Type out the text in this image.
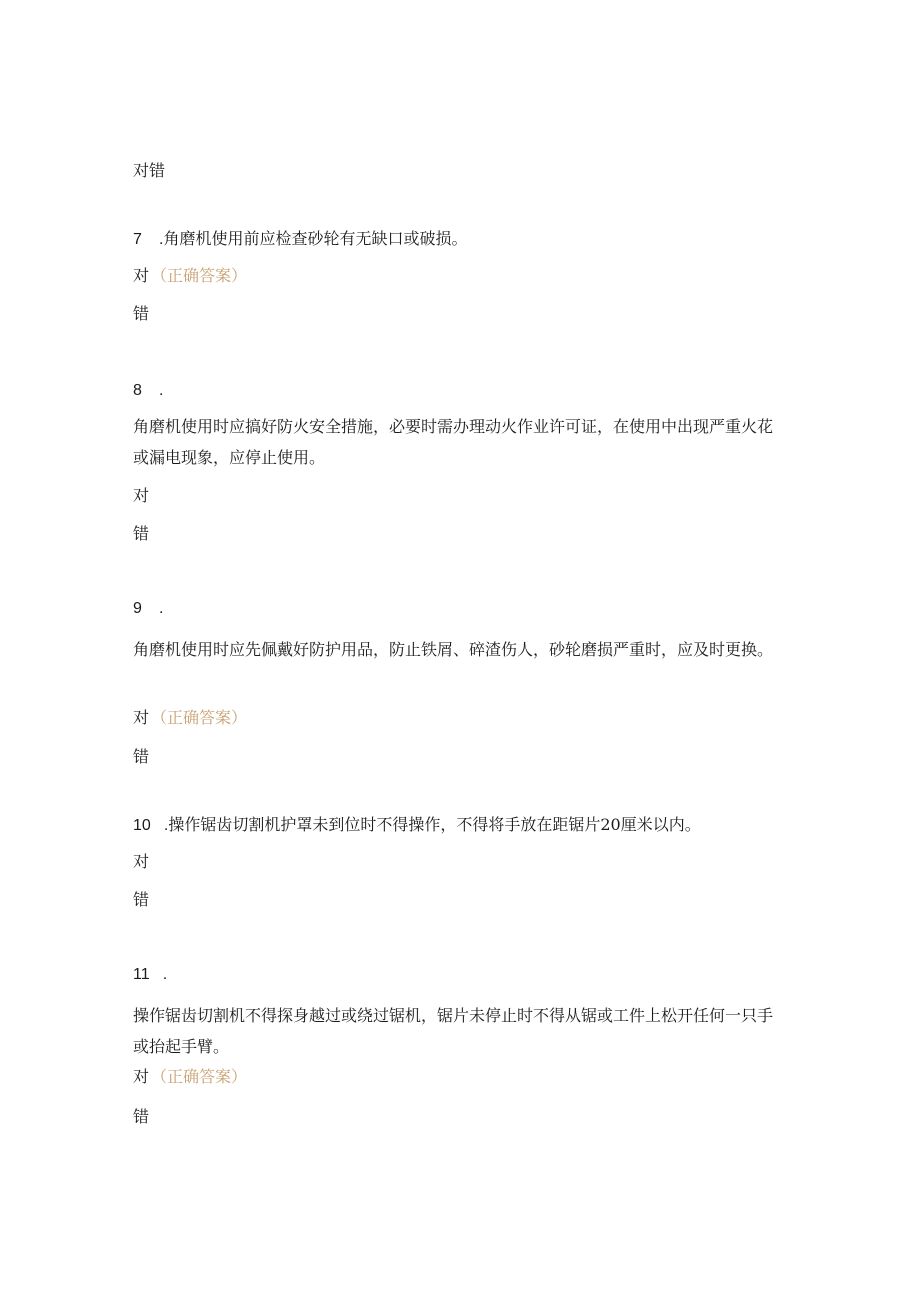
对错
7 .角磨机使用前应检查砂轮有无缺口或破损。
对 （正确答案）
错
8 .
角磨机使用时应搞好防火安全措施，必要时需办理动火作业许可证，在使用中出现严重火花或漏电现象，应停止使用。
对
错
9 .
角磨机使用时应先佩戴好防护用品，防止铁屑、碎渣伤人，砂轮磨损严重时，应及时更换。
对 （正确答案）
错
10 .操作锯齿切割机护罩未到位时不得操作，不得将手放在距锯片20厘米以内。
对
错
11 .
操作锯齿切割机不得探身越过或绕过锯机，锯片未停止时不得从锯或工件上松开任何一只手或抬起手臂。
对 （正确答案）
错
